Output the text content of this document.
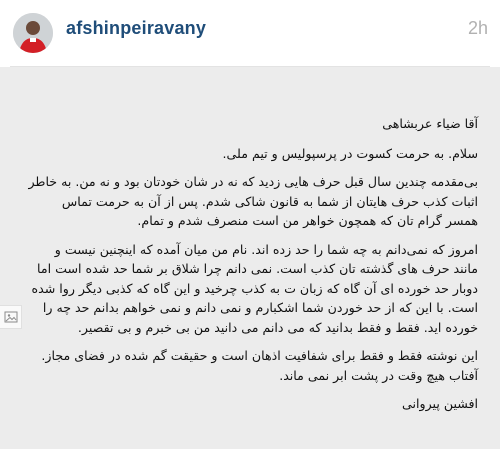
afshinpeiravany	2h

آقا ضیاء عربشاهی

سلام. به حرمت کسوت در پرسپولیس و تیم ملی.

بی‌مقدمه چندین سال قبل حرف هایی زدید که نه در شان خودتان بود و نه من. به خاطر اثبات کذب حرف هایتان از شما به قانون شاکی شدم. پس از آن به حرمت تماس همسر گرام تان که همچون خواهر من است منصرف شدم و تمام.

امروز که نمی‌دانم به چه شما را حد زده اند. نام من میان آمده که اینچنین نیست و مانند حرف های گذشته تان کذب است. نمی دانم چرا شلاق بر شما حد شده است اما دوبار حد خورده ای آن گاه که زبان ت به کذب چرخید و این گاه که کذبی دیگر روا شده است. با این که از حد خوردن شما اشکبارم و نمی دانم و نمی خواهم بدانم حد چه را خورده اید. فقط و فقط بدانید که می دانم می دانید من بی خبرم و بی تقصیر.

این نوشته فقط و فقط برای شفافیت اذهان است و حقیقت گم شده در فضای مجاز. آفتاب هیچ وقت در پشت ابر نمی ماند.

افشین پیروانی
